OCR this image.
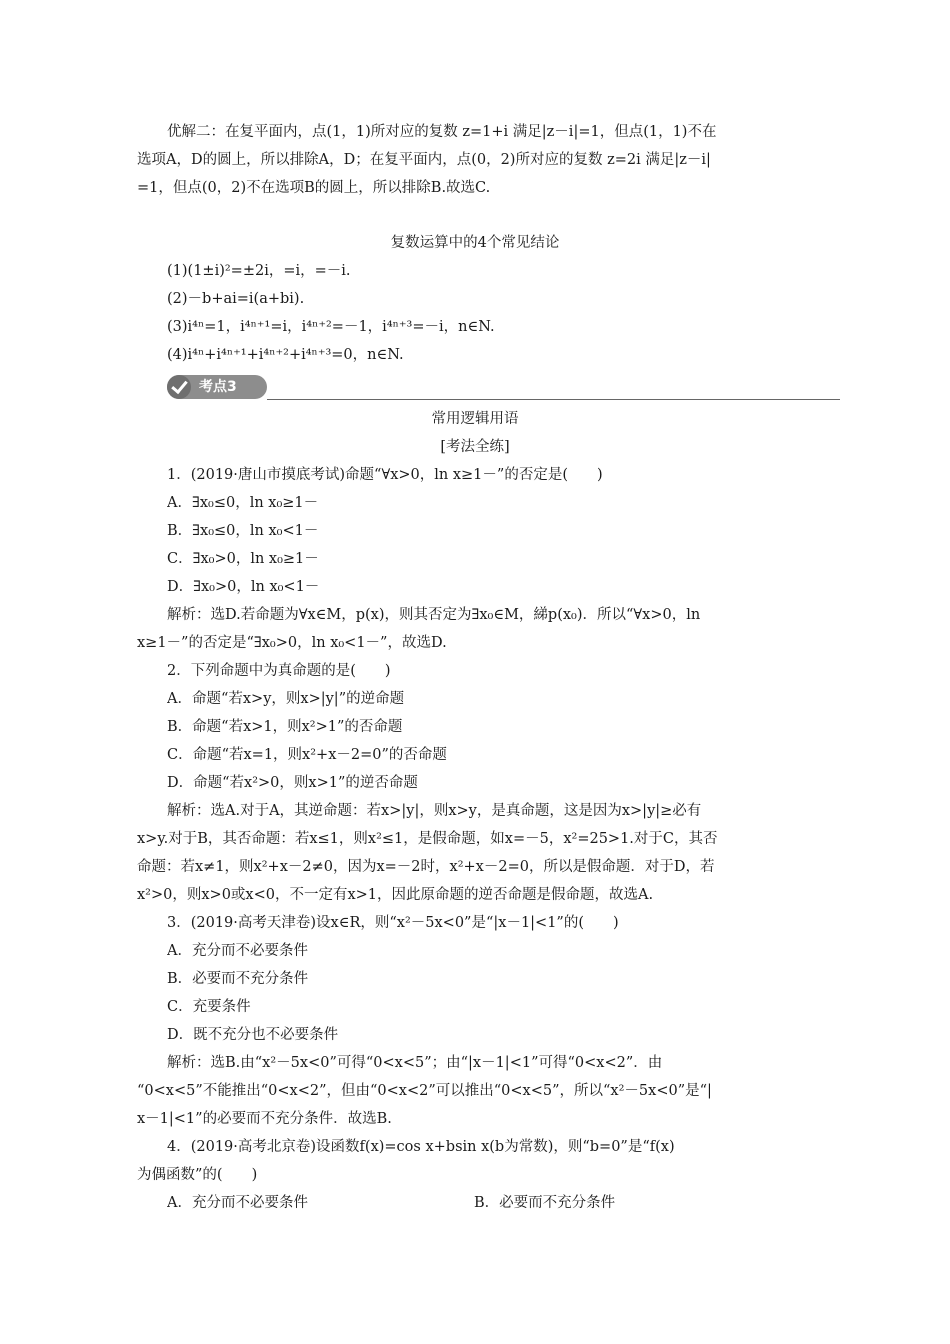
优解二：在复平面内，点(1，1)所对应的复数 z=1+i 满足|z－i|=1，但点(1，1)不在
选项A，D的圆上，所以排除A，D；在复平面内，点(0，2)所对应的复数 z=2i 满足|z－i|
=1，但点(0，2)不在选项B的圆上，所以排除B.故选C.
复数运算中的4个常见结论
(1)(1±i)²=±2i，=i，=－i.
(2)－b+ai=i(a+bi).
(3)i⁴ⁿ=1，i⁴ⁿ⁺¹=i，i⁴ⁿ⁺²=－1，i⁴ⁿ⁺³=－i，n∈N.
(4)i⁴ⁿ+i⁴ⁿ⁺¹+i⁴ⁿ⁺²+i⁴ⁿ⁺³=0，n∈N.
考点3
常用逻辑用语
[考法全练]
1．(2019·唐山市摸底考试)命题“∀x>0，ln x≥1－”的否定是(　　)
A．∃x₀≤0，ln x₀≥1－
B．∃x₀≤0，ln x₀<1－
C．∃x₀>0，ln x₀≥1－
D．∃x₀>0，ln x₀<1－
解析：选D.若命题为∀x∈M，p(x)，则其否定为∃x₀∈M，綈p(x₀)．所以“∀x>0，ln
x≥1－”的否定是“∃x₀>0，ln x₀<1－”，故选D.
2．下列命题中为真命题的是(　　)
A．命题“若x>y，则x>|y|”的逆命题
B．命题“若x>1，则x²>1”的否命题
C．命题“若x=1，则x²+x－2=0”的否命题
D．命题“若x²>0，则x>1”的逆否命题
解析：选A.对于A，其逆命题：若x>|y|，则x>y，是真命题，这是因为x>|y|≥必有
x>y.对于B，其否命题：若x≤1，则x²≤1，是假命题，如x=－5，x²=25>1.对于C，其否
命题：若x≠1，则x²+x－2≠0，因为x=－2时，x²+x－2=0，所以是假命题．对于D，若
x²>0，则x>0或x<0，不一定有x>1，因此原命题的逆否命题是假命题，故选A.
3．(2019·高考天津卷)设x∈R，则“x²－5x<0”是“|x－1|<1”的(　　)
A．充分而不必要条件
B．必要而不充分条件
C．充要条件
D．既不充分也不必要条件
解析：选B.由“x²－5x<0”可得“0<x<5”；由“|x－1|<1”可得“0<x<2”．由
“0<x<5”不能推出“0<x<2”，但由“0<x<2”可以推出“0<x<5”，所以“x²－5x<0”是“|
x－1|<1”的必要而不充分条件．故选B.
4．(2019·高考北京卷)设函数f(x)=cos x+bsin x(b为常数)，则“b=0”是“f(x)
为偶函数”的(　　)
A．充分而不必要条件	B．必要而不充分条件
